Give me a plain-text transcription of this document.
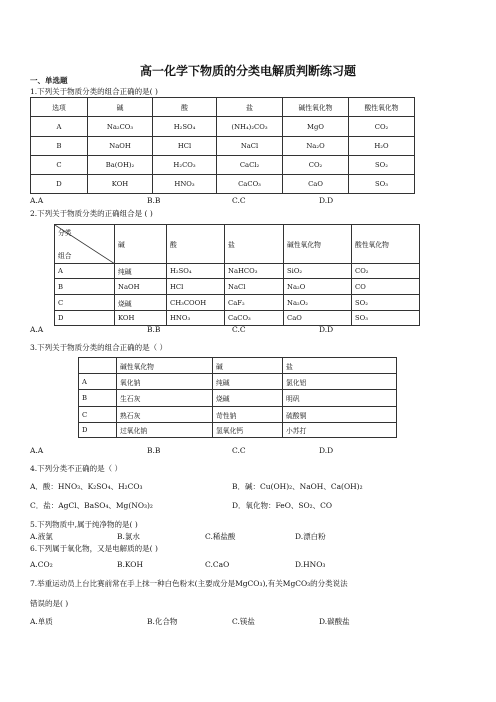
高一化学下物质的分类电解质判断练习题
一、单选题
1.下列关于物质分类的组合正确的是( )
选项	碱	酸	盐	碱性氧化物	酸性氧化物
A	Na₂CO₃	H₂SO₄	(NH₄)₂CO₃	MgO	CO₂
B	NaOH	HCl	NaCl	Na₂O	H₂O
C	Ba(OH)₂	H₂CO₃	CaCl₂	CO₂	SO₂
D	KOH	HNO₃	CaCO₃	CaO	SO₃
A.A	B.B	C.C	D.D
2.下列关于物质分类的正确组合是 ( )
分类
组合	碱	酸	盐	碱性氧化物	酸性氧化物
A	纯碱	H₂SO₄	NaHCO₃	SiO₂	CO₂
B	NaOH	HCl	NaCl	Na₂O	CO
C	烧碱	CH₃COOH	CaF₂	Na₂O₂	SO₂
D	KOH	HNO₃	CaCO₃	CaO	SO₃
A.A	B.B	C.C	D.D
3.下列关于物质分类的组合正确的是（ ）
	碱性氧化物	碱	盐
A	氧化钠	纯碱	氯化铝
B	生石灰	烧碱	明矾
C	熟石灰	苛性钠	硫酸铜
D	过氧化钠	氢氧化钙	小苏打
A.A	B.B	C.C	D.D
4.下列分类不正确的是（ ）
A．酸：HNO₃、K₂SO₄、H₂CO₃	B．碱：Cu(OH)₂、NaOH、Ca(OH)₂
C．盐：AgCl、BaSO₄、Mg(NO₃)₂	D．氧化物：FeO、SO₂、CO
5.下列物质中,属于纯净物的是( )
A.液氯	B.氯水	C.稀盐酸	D.漂白粉
6.下列属于氧化物，又是电解质的是( )
A.CO₂	B.KOH	C.CaO	D.HNO₃
7.举重运动员上台比赛前常在手上抹一种白色粉末(主要成分是MgCO₃),有关MgCO₃的分类说法
错误的是( )
A.单质	B.化合物	C.镁盐	D.碳酸盐
